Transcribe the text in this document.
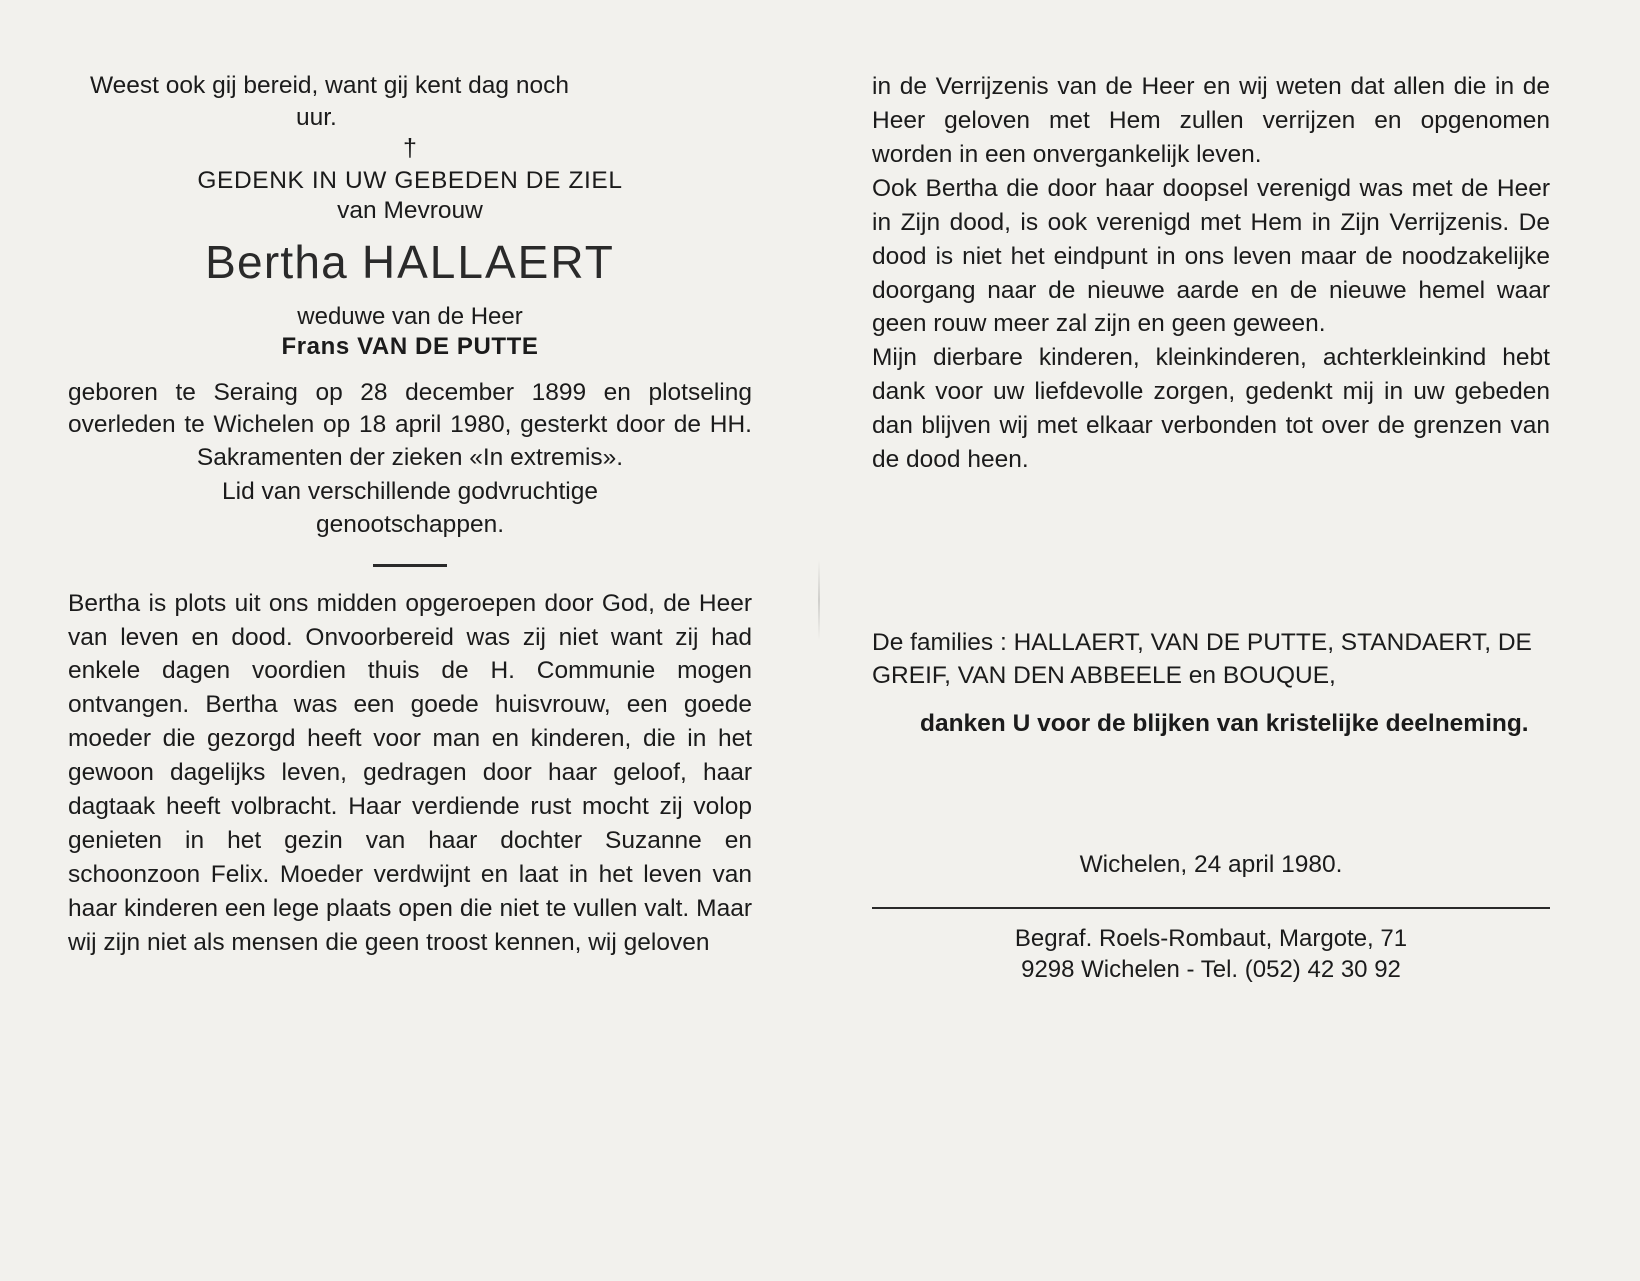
Weest ook gij bereid, want gij kent dag noch
uur.
†
GEDENK IN UW GEBEDEN DE ZIEL
van Mevrouw
Bertha HALLAERT
weduwe van de Heer
Frans VAN DE PUTTE
geboren te Seraing op 28 december 1899 en plotseling overleden te Wichelen op 18 april 1980, gesterkt door de HH. Sakramenten der zieken «In extremis».
Lid van verschillende godvruchtige
genootschappen.
Bertha is plots uit ons midden opgeroepen door God, de Heer van leven en dood. Onvoorbereid was zij niet want zij had enkele dagen voordien thuis de H. Communie mogen ontvangen. Bertha was een goede huisvrouw, een goede moeder die gezorgd heeft voor man en kinderen, die in het gewoon dagelijks leven, gedragen door haar geloof, haar dagtaak heeft volbracht. Haar verdiende rust mocht zij volop genieten in het gezin van haar dochter Suzanne en schoonzoon Felix. Moeder verdwijnt en laat in het leven van haar kinderen een lege plaats open die niet te vullen valt. Maar wij zijn niet als mensen die geen troost kennen, wij geloven
in de Verrijzenis van de Heer en wij weten dat allen die in de Heer geloven met Hem zullen verrijzen en opgenomen worden in een onvergankelijk leven.
Ook Bertha die door haar doopsel verenigd was met de Heer in Zijn dood, is ook verenigd met Hem in Zijn Verrijzenis. De dood is niet het eindpunt in ons leven maar de noodzakelijke doorgang naar de nieuwe aarde en de nieuwe hemel waar geen rouw meer zal zijn en geen geween.
Mijn dierbare kinderen, kleinkinderen, achterkleinkind hebt dank voor uw liefdevolle zorgen, gedenkt mij in uw gebeden dan blijven wij met elkaar verbonden tot over de grenzen van de dood heen.
De families : HALLAERT, VAN DE PUTTE, STANDAERT, DE GREIF, VAN DEN ABBEELE en BOUQUE,
danken U voor de blijken van kristelijke deelneming.
Wichelen, 24 april 1980.
Begraf. Roels-Rombaut, Margote, 71
9298 Wichelen - Tel. (052) 42 30 92
